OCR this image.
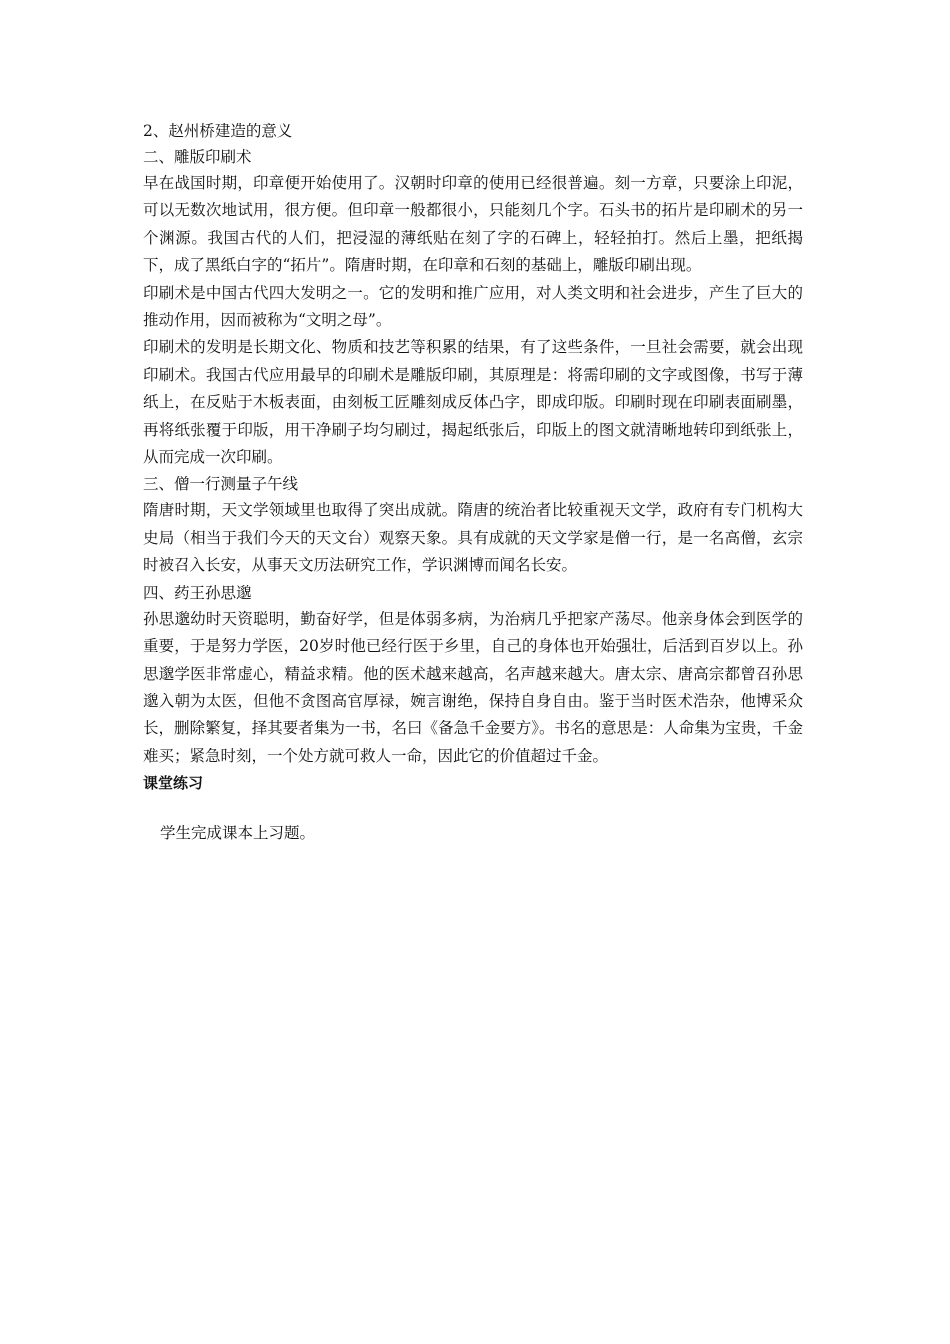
2、赵州桥建造的意义
二、雕版印刷术
早在战国时期，印章便开始使用了。汉朝时印章的使用已经很普遍。刻一方章，只要涂上印泥，可以无数次地试用，很方便。但印章一般都很小，只能刻几个字。石头书的拓片是印刷术的另一个渊源。我国古代的人们，把浸湿的薄纸贴在刻了字的石碑上，轻轻拍打。然后上墨，把纸揭下，成了黑纸白字的“拓片”。隋唐时期，在印章和石刻的基础上，雕版印刷出现。
印刷术是中国古代四大发明之一。它的发明和推广应用，对人类文明和社会进步，产生了巨大的推动作用，因而被称为“文明之母”。
印刷术的发明是长期文化、物质和技艺等积累的结果，有了这些条件，一旦社会需要，就会出现印刷术。我国古代应用最早的印刷术是雕版印刷，其原理是：将需印刷的文字或图像，书写于薄纸上，在反贴于木板表面，由刻板工匠雕刻成反体凸字，即成印版。印刷时现在印刷表面刷墨，再将纸张覆于印版，用干净刷子均匀刷过，揭起纸张后，印版上的图文就清晰地转印到纸张上，从而完成一次印刷。
三、僧一行测量子午线
隋唐时期，天文学领域里也取得了突出成就。隋唐的统治者比较重视天文学，政府有专门机构大史局（相当于我们今天的天文台）观察天象。具有成就的天文学家是僧一行，是一名高僧，玄宗时被召入长安，从事天文历法研究工作，学识渊博而闻名长安。
四、药王孙思邈
孙思邈幼时天资聪明，勤奋好学，但是体弱多病，为治病几乎把家产荡尽。他亲身体会到医学的重要，于是努力学医，20岁时他已经行医于乡里，自己的身体也开始强壮，后活到百岁以上。孙思邈学医非常虚心，精益求精。他的医术越来越高，名声越来越大。唐太宗、唐高宗都曾召孙思邈入朝为太医，但他不贪图高官厚禄，婉言谢绝，保持自身自由。鉴于当时医术浩杂，他博采众长，删除繁复，择其要者集为一书，名曰《备急千金要方》。书名的意思是：人命集为宝贵，千金难买；紧急时刻，一个处方就可救人一命，因此它的价值超过千金。
课堂练习
学生完成课本上习题。
